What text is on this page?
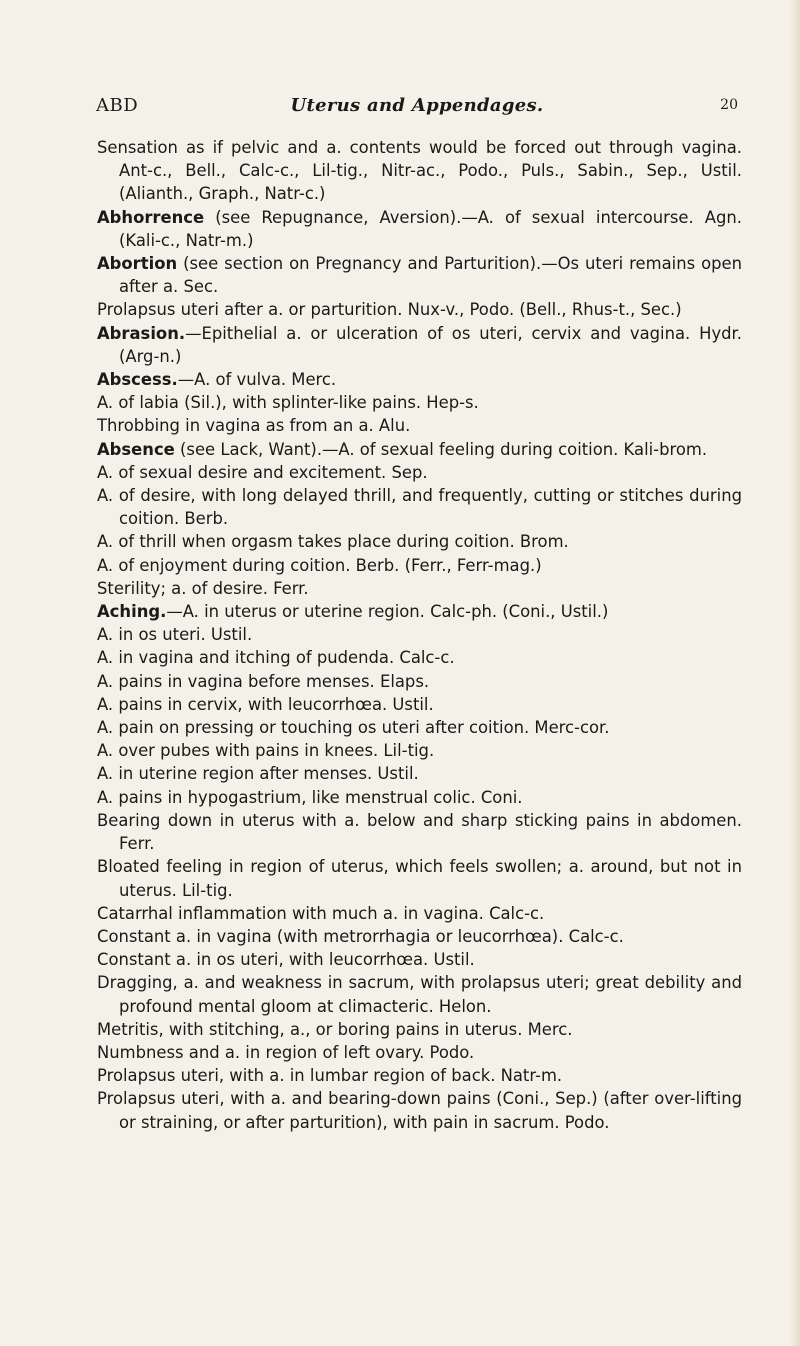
ABD	Uterus and Appendages.	20

Sensation as if pelvic and a. contents would be forced out through vagina. Ant-c., Bell., Calc-c., Lil-tig., Nitr-ac., Podo., Puls., Sabin., Sep., Ustil. (Alianth., Graph., Natr-c.)

Abhorrence (see Repugnance, Aversion).—A. of sexual intercourse. Agn. (Kali-c., Natr-m.)

Abortion (see section on Pregnancy and Parturition).—Os uteri remains open after a. Sec.

Prolapsus uteri after a. or parturition. Nux-v., Podo. (Bell., Rhus-t., Sec.)

Abrasion.—Epithelial a. or ulceration of os uteri, cervix and vagina. Hydr. (Arg-n.)

Abscess.—A. of vulva. Merc.

A. of labia (Sil.), with splinter-like pains. Hep-s.

Throbbing in vagina as from an a. Alu.

Absence (see Lack, Want).—A. of sexual feeling during coition. Kali-brom.

A. of sexual desire and excitement. Sep.

A. of desire, with long delayed thrill, and frequently, cutting or stitches during coition. Berb.

A. of thrill when orgasm takes place during coition. Brom.

A. of enjoyment during coition. Berb. (Ferr., Ferr-mag.)

Sterility; a. of desire. Ferr.

Aching.—A. in uterus or uterine region. Calc-ph. (Coni., Ustil.)

A. in os uteri. Ustil.

A. in vagina and itching of pudenda. Calc-c.

A. pains in vagina before menses. Elaps.

A. pains in cervix, with leucorrhœa. Ustil.

A. pain on pressing or touching os uteri after coition. Merc-cor.

A. over pubes with pains in knees. Lil-tig.

A. in uterine region after menses. Ustil.

A. pains in hypogastrium, like menstrual colic. Coni.

Bearing down in uterus with a. below and sharp sticking pains in abdomen. Ferr.

Bloated feeling in region of uterus, which feels swollen; a. around, but not in uterus. Lil-tig.

Catarrhal inflammation with much a. in vagina. Calc-c.

Constant a. in vagina (with metrorrhagia or leucorrhœa). Calc-c.

Constant a. in os uteri, with leucorrhœa. Ustil.

Dragging, a. and weakness in sacrum, with prolapsus uteri; great debility and profound mental gloom at climacteric. Helon.

Metritis, with stitching, a., or boring pains in uterus. Merc.

Numbness and a. in region of left ovary. Podo.

Prolapsus uteri, with a. in lumbar region of back. Natr-m.

Prolapsus uteri, with a. and bearing-down pains (Coni., Sep.) (after over-lifting or straining, or after parturition), with pain in sacrum. Podo.
